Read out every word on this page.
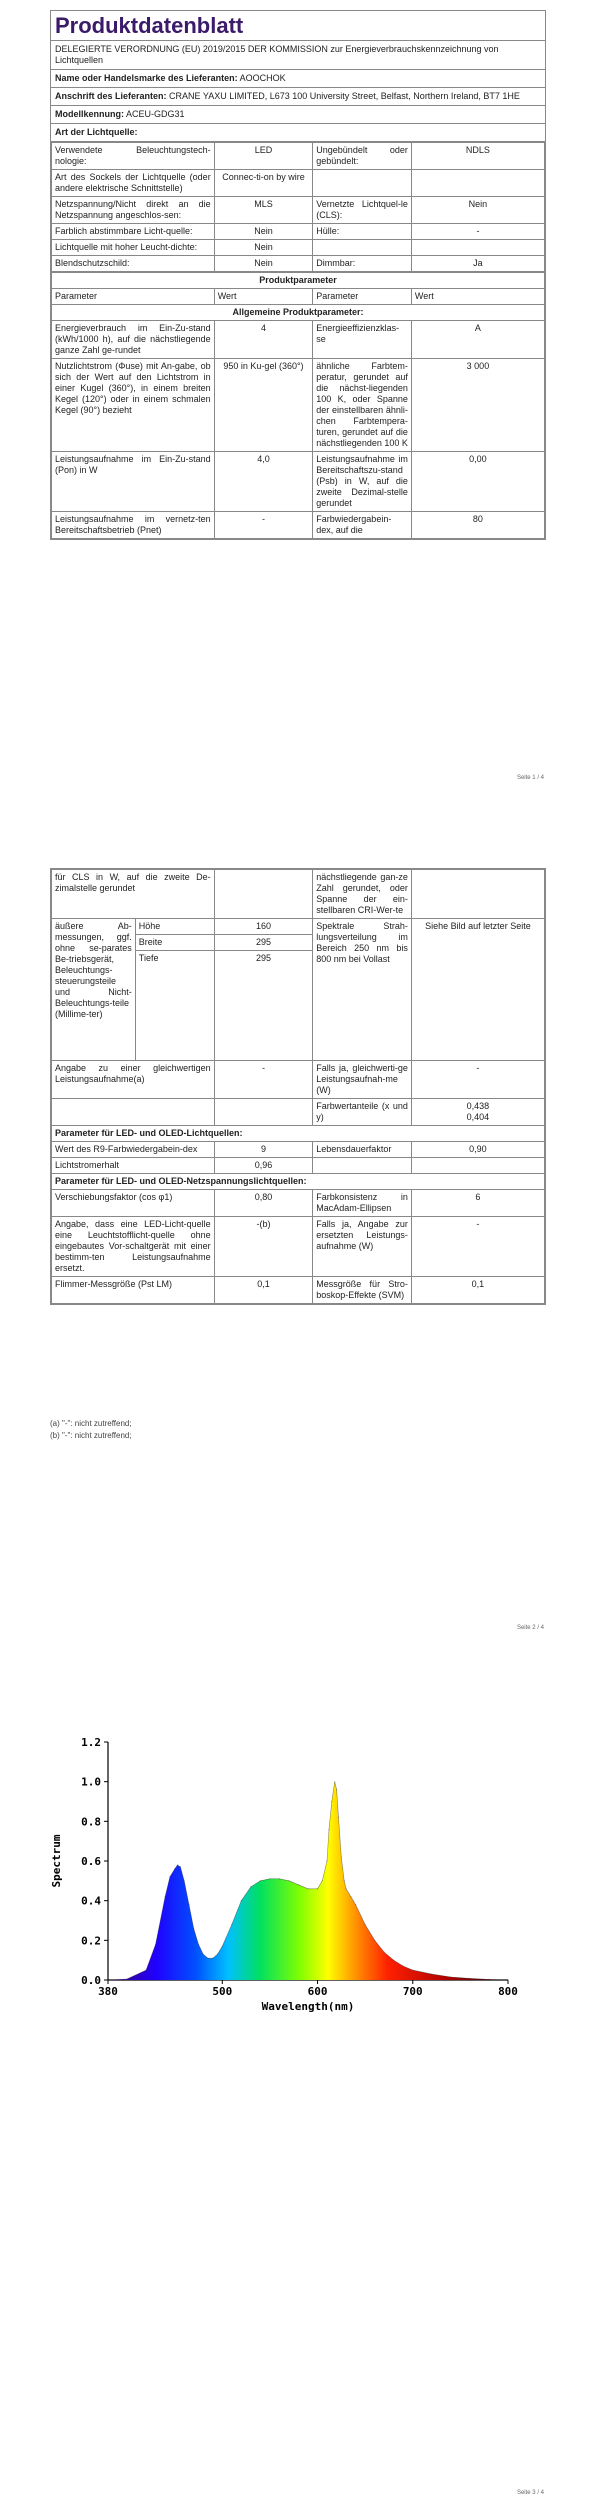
Produktdatenblatt
DELEGIERTE VERORDNUNG (EU) 2019/2015 DER KOMMISSION zur Energieverbrauchskennzeichnung von Lichtquellen
Name oder Handelsmarke des Lieferanten: AOOCHOK
Anschrift des Lieferanten: CRANE YAXU LIMITED, L673 100 University Street, Belfast, Northern Ireland, BT7 1HE
Modellkennung: ACEU-GDG31
Art der Lichtquelle:
Verwendete Beleuchtungstech-nologie:	LED	Ungebündelt oder gebündelt:	NDLS
Art des Sockels der Lichtquelle (oder andere elektrische Schnittstelle)	Connec-ti-on by wire		
Netzspannung/Nicht direkt an die Netzspannung angeschlos-sen:	MLS	Vernetzte Lichtquel-le (CLS):	Nein
Farblich abstimmbare Licht-quelle:	Nein	Hülle:	-
Lichtquelle mit hoher Leucht-dichte:	Nein		
Blendschutzschild:	Nein	Dimmbar:	Ja
Produktparameter			
Parameter	Wert	Parameter	Wert
Allgemeine Produktparameter:			
Energieverbrauch im Ein-Zu-stand (kWh/1000 h), auf die nächstliegende ganze Zahl ge-rundet	4	Energieeffizienzklas-se	A
Nutzlichtstrom (Φuse) mit An-gabe, ob sich der Wert auf den Lichtstrom in einer Kugel (360°), in einem breiten Kegel (120°) oder in einem schmalen Kegel (90°) bezieht	950 in Ku-gel (360°)	ähnliche Farbtem-peratur, gerundet auf die nächst-liegenden 100 K, oder Spanne der einstellbaren ähnli-chen Farbtempera-turen, gerundet auf die nächstliegenden 100 K	3 000
Leistungsaufnahme im Ein-Zu-stand (Pon) in W	4,0	Leistungsaufnahme im Bereitschaftszu-stand (Psb) in W, auf die zweite Dezimal-stelle gerundet	0,00
Leistungsaufnahme im vernetz-ten Bereitschaftsbetrieb (Pnet)	-	Farbwiedergabein-dex, auf die	80
Seite 1 / 4
für CLS in W, auf die zweite De-zimalstelle gerundet			nächstliegende gan-ze Zahl gerundet, oder Spanne der ein-stellbaren CRI-Wer-te	
äußere Ab-messungen, ggf. ohne se-parates Be-triebsgerät, Beleuchtungs-steuerungsteile und Nicht-Beleuchtungs-teile (Millime-ter)	Höhe	160	Spektrale Strah-lungsverteilung im Bereich 250 nm bis 800 nm bei Vollast	Siehe Bild auf letzter Seite
	Breite	295		
	Tiefe	295		
Angabe zu einer gleichwertigen Leistungsaufnahme(a)		-	Falls ja, gleichwerti-ge Leistungsaufnah-me (W)	-
			Farbwertanteile (x und y)	0,438
0,404
Parameter für LED- und OLED-Lichtquellen:				
Wert des R9-Farbwiedergabein-dex		9	Lebensdauerfaktor	0,90
Lichtstromerhalt		0,96		
Parameter für LED- und OLED-Netzspannungslichtquellen:				
Verschiebungsfaktor (cos φ1)		0,80	Farbkonsistenz in MacAdam-Ellipsen	6
Angabe, dass eine LED-Licht-quelle eine Leuchtstofflicht-quelle ohne eingebautes Vor-schaltgerät mit einer bestimm-ten Leistungsaufnahme ersetzt.		-(b)	Falls ja, Angabe zur ersetzten Leistungs-aufnahme (W)	-
Flimmer-Messgröße (Pst LM)		0,1	Messgröße für Stro-boskop-Effekte (SVM)	0,1
(a) "-": nicht zutreffend;
(b) "-": nicht zutreffend;
Seite 2 / 4
380	500	600	700	800
0.0
0.2
0.4
0.6
0.8
1.0
1.2
Wavelength(nm)
Spectrum
Seite 3 / 4
